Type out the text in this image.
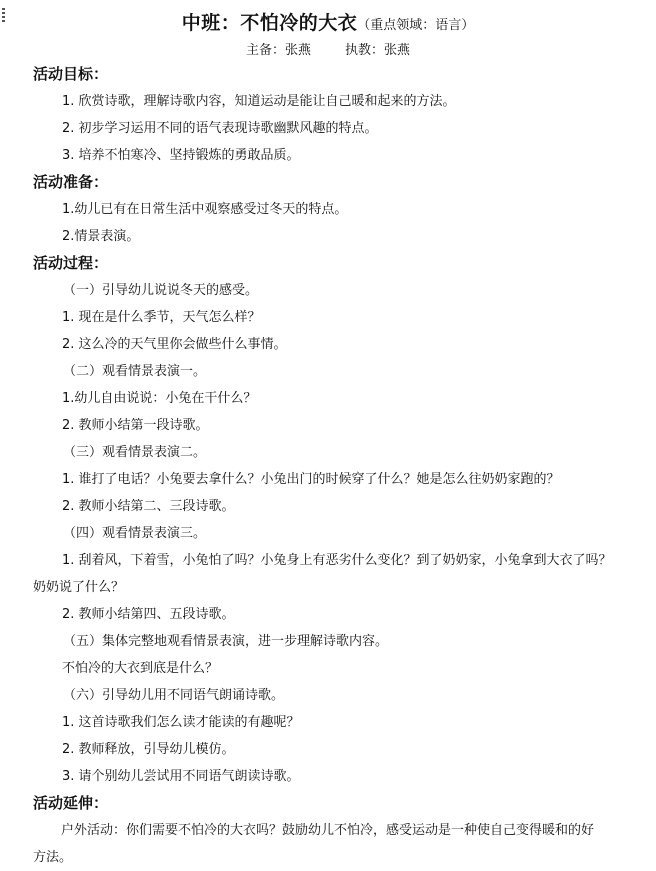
中班：不怕冷的大衣（重点领域：语言）
主备：张燕	执教：张燕
活动目标：
1. 欣赏诗歌，理解诗歌内容，知道运动是能让自己暖和起来的方法。
2. 初步学习运用不同的语气表现诗歌幽默风趣的特点。
3. 培养不怕寒冷、坚持锻炼的勇敢品质。
活动准备：
1.幼儿已有在日常生活中观察感受过冬天的特点。
2.情景表演。
活动过程：
（一）引导幼儿说说冬天的感受。
1. 现在是什么季节，天气怎么样？
2. 这么冷的天气里你会做些什么事情。
（二）观看情景表演一。
1.幼儿自由说说：小兔在干什么？
2. 教师小结第一段诗歌。
（三）观看情景表演二。
1. 谁打了电话？小兔要去拿什么？小兔出门的时候穿了什么？她是怎么往奶奶家跑的？
2. 教师小结第二、三段诗歌。
（四）观看情景表演三。
1. 刮着风，下着雪，小兔怕了吗？小兔身上有恶劣什么变化？到了奶奶家，小兔拿到大衣了吗？
奶奶说了什么？
2. 教师小结第四、五段诗歌。
（五）集体完整地观看情景表演，进一步理解诗歌内容。
不怕冷的大衣到底是什么？
（六）引导幼儿用不同语气朗诵诗歌。
1. 这首诗歌我们怎么读才能读的有趣呢？
2. 教师释放，引导幼儿模仿。
3. 请个别幼儿尝试用不同语气朗读诗歌。
活动延伸：
户外活动：你们需要不怕冷的大衣吗？鼓励幼儿不怕冷，感受运动是一种使自己变得暖和的好
方法。
